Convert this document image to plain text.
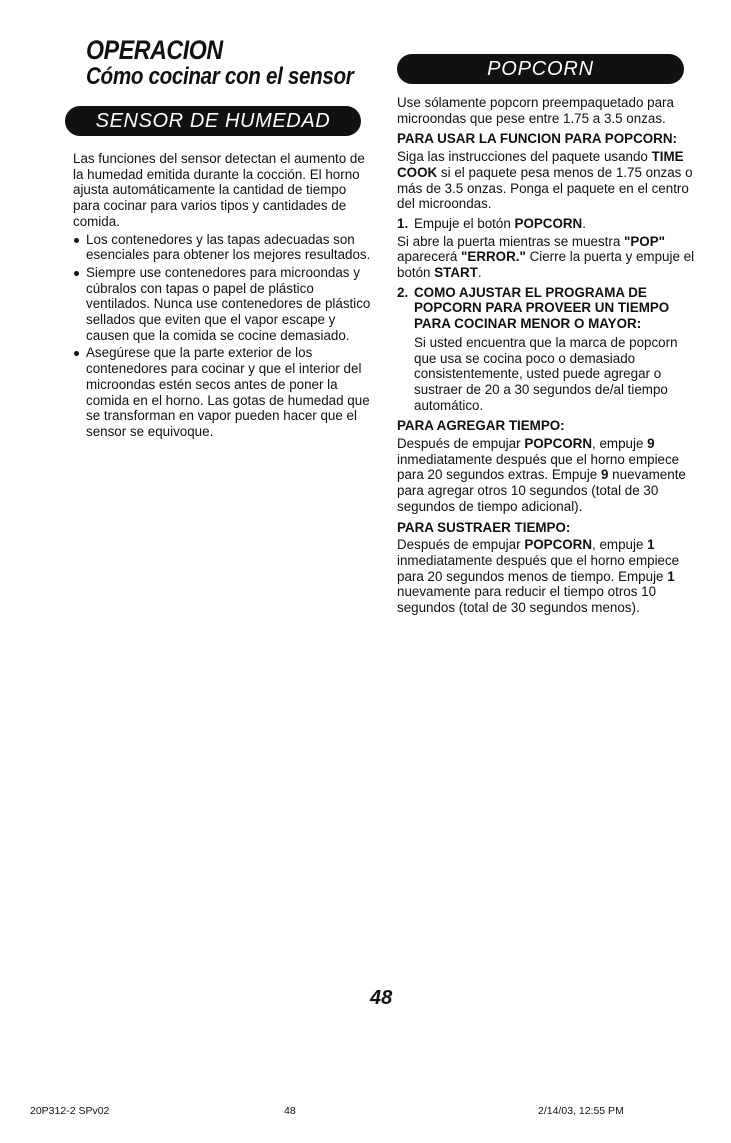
OPERACION
Cómo cocinar con el sensor
SENSOR DE HUMEDAD

Las funciones del sensor detectan el aumento de la humedad emitida durante la cocción. El horno ajusta automáticamente la cantidad de tiempo para cocinar para varios tipos y cantidades de comida.

Los contenedores y las tapas adecuadas son esenciales para obtener los mejores resultados.

Siempre use contenedores para microondas y cúbralos con tapas o papel de plástico ventilados. Nunca use contenedores de plástico sellados que eviten que el vapor escape y causen que la comida se cocine demasiado.

Asegúrese que la parte exterior de los contenedores para cocinar y que el interior del microondas estén secos antes de poner la comida en el horno. Las gotas de humedad que se transforman en vapor pueden hacer que el sensor se equivoque.

POPCORN

Use sólamente popcorn preempaquetado para microondas que pese entre 1.75 a 3.5 onzas.

PARA USAR LA FUNCION PARA POPCORN:

Siga las instrucciones del paquete usando TIME COOK si el paquete pesa menos de 1.75 onzas o más de 3.5 onzas. Ponga el paquete en el centro del microondas.

1. Empuje el botón POPCORN.

Si abre la puerta mientras se muestra "POP" aparecerá "ERROR." Cierre la puerta y empuje el botón START.

2. COMO AJUSTAR EL PROGRAMA DE POPCORN PARA PROVEER UN TIEMPO PARA COCINAR MENOR O MAYOR:

Si usted encuentra que la marca de popcorn que usa se cocina poco o demasiado consistentemente, usted puede agregar o sustraer de 20 a 30 segundos de/al tiempo automático.

PARA AGREGAR TIEMPO:

Después de empujar POPCORN, empuje 9 inmediatamente después que el horno empiece para 20 segundos extras. Empuje 9 nuevamente para agregar otros 10 segundos (total de 30 segundos de tiempo adicional).

PARA SUSTRAER TIEMPO:

Después de empujar POPCORN, empuje 1 inmediatamente después que el horno empiece para 20 segundos menos de tiempo. Empuje 1 nuevamente para reducir el tiempo otros 10 segundos (total de 30 segundos menos).

48
20P312-2 SPv02	48	2/14/03, 12:55 PM
